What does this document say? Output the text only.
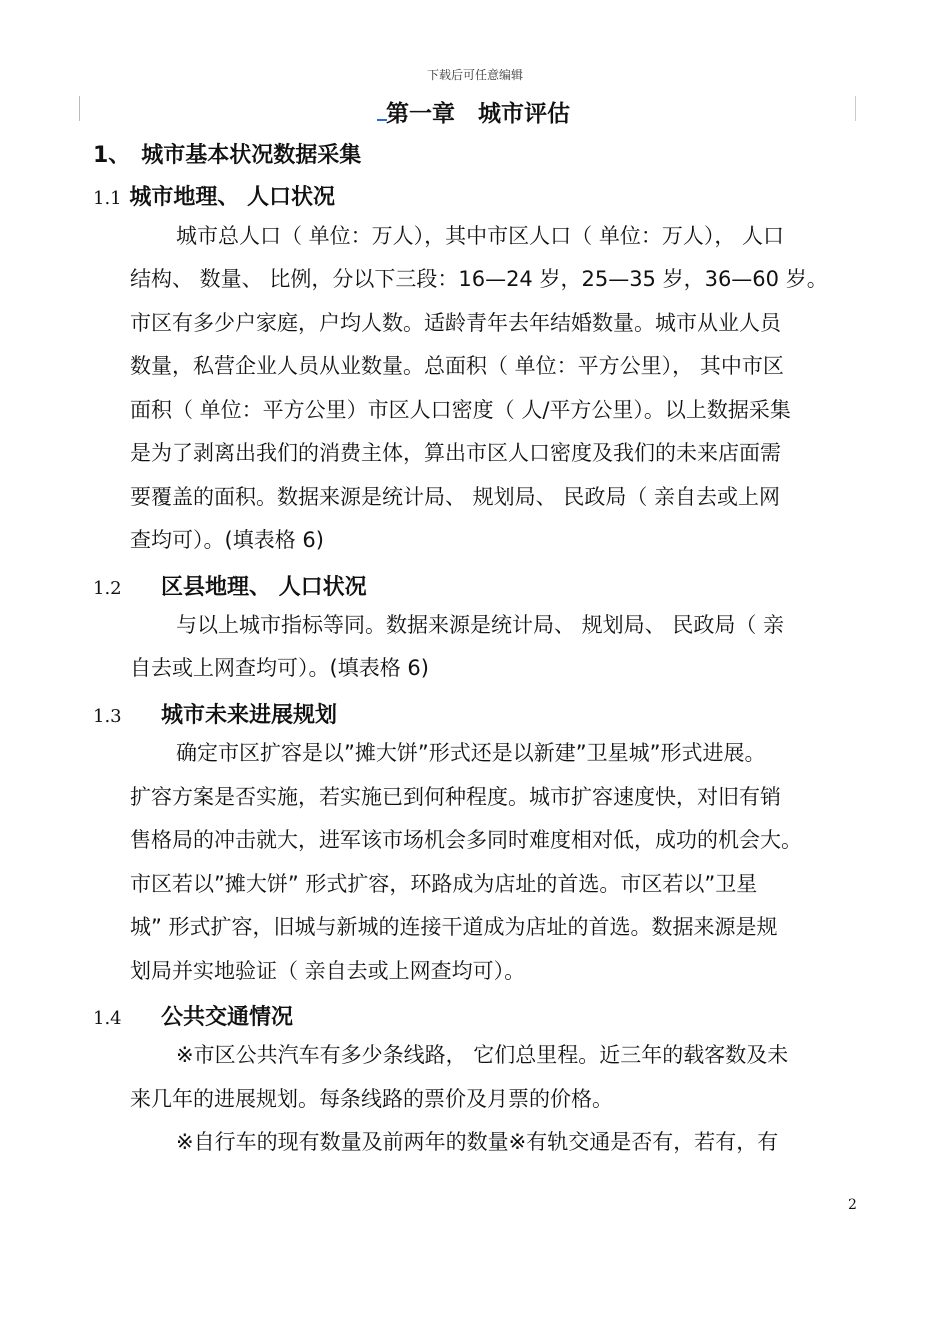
下载后可任意编辑
第一章　城市评估
1、　城市基本状况数据采集
1.1 城市地理、 人口状况
城市总人口（ 单位：万人），其中市区人口（ 单位：万人）， 人口
结构、 数量、 比例，分以下三段：16—24 岁，25—35 岁，36—60 岁。
市区有多少户家庭，户均人数。适龄青年去年结婚数量。城市从业人员
数量，私营企业人员从业数量。总面积（ 单位：平方公里）， 其中市区
面积（ 单位：平方公里）市区人口密度（ 人/平方公里）。以上数据采集
是为了剥离出我们的消费主体，算出市区人口密度及我们的未来店面需
要覆盖的面积。数据来源是统计局、 规划局、 民政局（ 亲自去或上网
查均可）。(填表格 6)
1.2 区县地理、 人口状况
与以上城市指标等同。数据来源是统计局、 规划局、 民政局（ 亲
自去或上网查均可）。(填表格 6)
1.3 城市未来进展规划
确定市区扩容是以”摊大饼”形式还是以新建”卫星城”形式进展。
扩容方案是否实施，若实施已到何种程度。城市扩容速度快，对旧有销
售格局的冲击就大，进军该市场机会多同时难度相对低，成功的机会大。
市区若以”摊大饼” 形式扩容，环路成为店址的首选。市区若以”卫星
城” 形式扩容，旧城与新城的连接干道成为店址的首选。数据来源是规
划局并实地验证（ 亲自去或上网查均可）。
1.4 公共交通情况
※市区公共汽车有多少条线路， 它们总里程。近三年的载客数及未
来几年的进展规划。每条线路的票价及月票的价格。
※自行车的现有数量及前两年的数量※有轨交通是否有，若有，有
2
